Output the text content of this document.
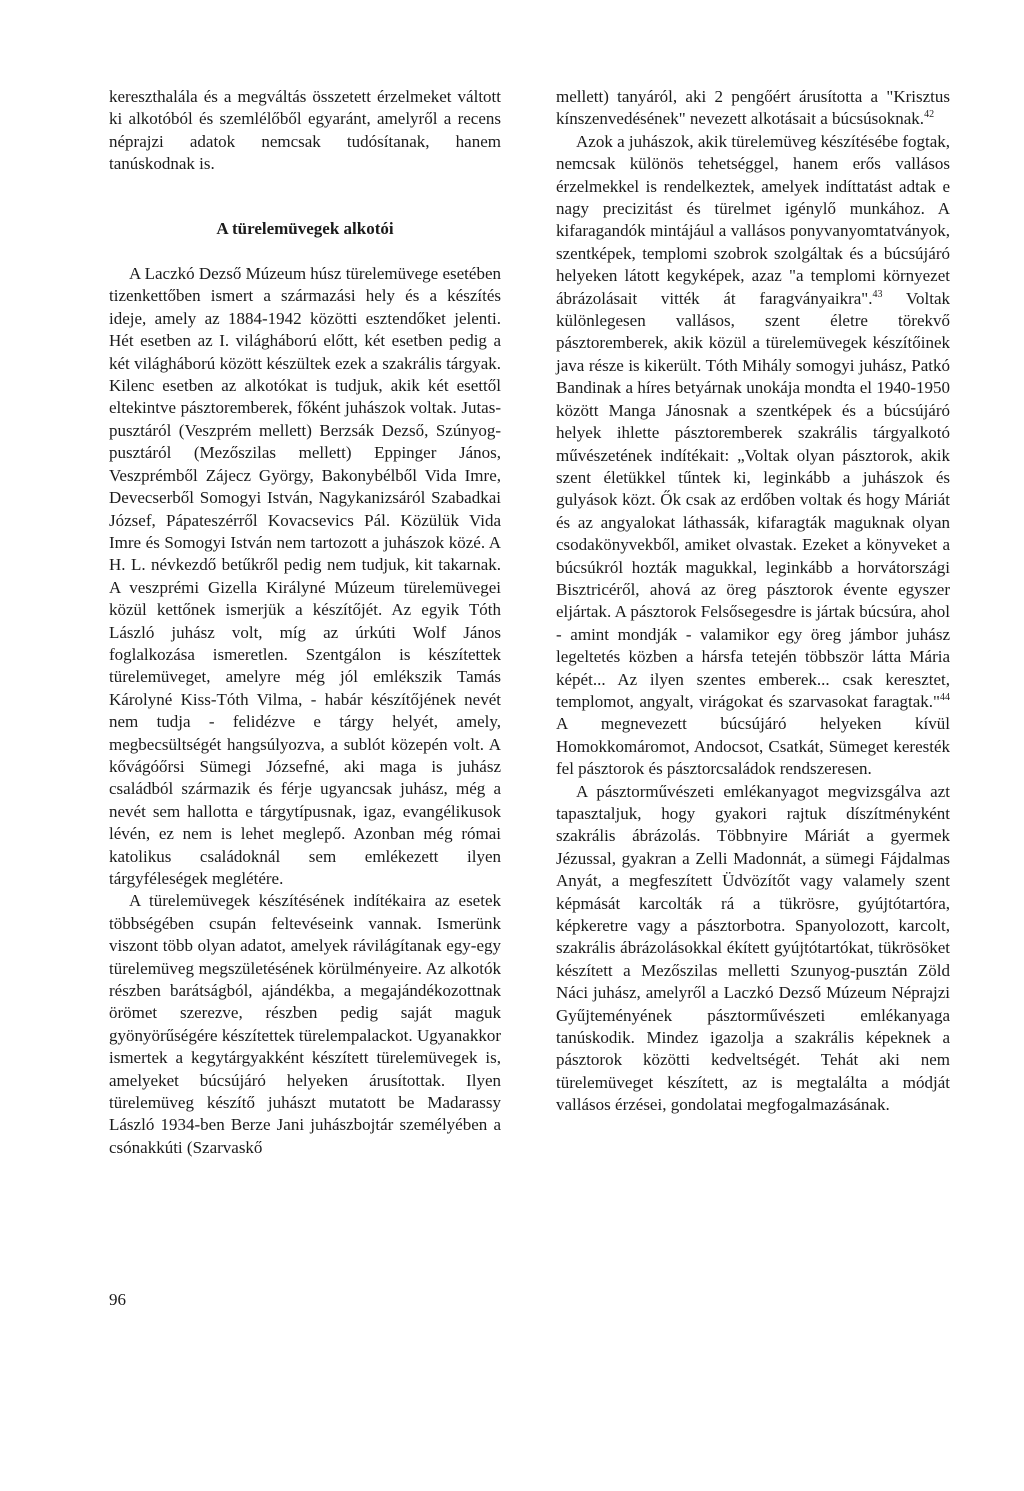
kereszthalála és a megváltás összetett érzelmeket váltott ki alkotóból és szemlélőből egyaránt, amelyről a recens néprajzi adatok nemcsak tudósítanak, hanem tanúskodnak is.

A türelemüvegek alkotói

A Laczkó Dezső Múzeum húsz türelemüvege esetében tizenkettőben ismert a származási hely és a készítés ideje, amely az 1884-1942 közötti esztendőket jelenti. Hét esetben az I. világháború előtt, két esetben pedig a két világháború között készültek ezek a szakrális tárgyak. Kilenc esetben az alkotókat is tudjuk, akik két esettől eltekintve pásztoremberek, főként juhászok voltak. Jutas-pusztáról (Veszprém mellett) Berzsák Dezső, Szúnyog-pusztáról (Mezőszilas mellett) Eppinger János, Veszprémből Zájecz György, Bakonybélből Vida Imre, Devecserből Somogyi István, Nagykanizsáról Szabadkai József, Pápateszérről Kovacsevics Pál. Közülük Vida Imre és Somogyi István nem tartozott a juhászok közé. A H. L. névkezdő betűkről pedig nem tudjuk, kit takarnak. A veszprémi Gizella Királyné Múzeum türelemüvegei közül kettőnek ismerjük a készítőjét. Az egyik Tóth László juhász volt, míg az úrkúti Wolf János foglalkozása ismeretlen. Szentgálon is készítettek türelemüveget, amelyre még jól emlékszik Tamás Károlyné Kiss-Tóth Vilma, - habár készítőjének nevét nem tudja - felidézve e tárgy helyét, amely, megbecsültségét hangsúlyozva, a sublót közepén volt. A kővágóőrsi Sümegi Józsefné, aki maga is juhász családból származik és férje ugyancsak juhász, még a nevét sem hallotta e tárgytípusnak, igaz, evangélikusok lévén, ez nem is lehet meglepő. Azonban még római katolikus családoknál sem emlékezett ilyen tárgyféleségek meglétére.

A türelemüvegek készítésének indítékaira az esetek többségében csupán feltevéseink vannak. Ismerünk viszont több olyan adatot, amelyek rávilágítanak egy-egy türelemüveg megszületésének körülményeire. Az alkotók részben barátságból, ajándékba, a megajándékozottnak örömet szerezve, részben pedig saját maguk gyönyörűségére készítettek türelempalackot. Ugyanakkor ismertek a kegytárgyakként készített türelemüvegek is, amelyeket búcsújáró helyeken árusítottak. Ilyen türelemüveg készítő juhászt mutatott be Madarassy László 1934-ben Berze Jani juhászbojtár személyében a csónakkúti (Szarvaskő

mellett) tanyáról, aki 2 pengőért árusította a "Krisztus kínszenvedésének" nevezett alkotásait a búcsúsoknak.$^{42}$

Azok a juhászok, akik türelemüveg készítésébe fogtak, nemcsak különös tehetséggel, hanem erős vallásos érzelmekkel is rendelkeztek, amelyek indíttatást adtak e nagy precizitást és türelmet igénylő munkához. A kifaragandók mintájául a vallásos ponyvanyomtatványok, szentképek, templomi szobrok szolgáltak és a búcsújáró helyeken látott kegyképek, azaz "a templomi környezet ábrázolásait vitték át faragványaikra".$^{43}$ Voltak különlegesen vallásos, szent életre törekvő pásztoremberek, akik közül a türelemüvegek készítőinek java része is kikerült. Tóth Mihály somogyi juhász, Patkó Bandinak a híres betyárnak unokája mondta el 1940-1950 között Manga Jánosnak a szentképek és a búcsújáró helyek ihlette pásztoremberek szakrális tárgyalkotó művészetének indítékait: „Voltak olyan pásztorok, akik szent életükkel tűntek ki, leginkább a juhászok és gulyások közt. Ők csak az erdőben voltak és hogy Máriát és az angyalokat láthassák, kifaragták maguknak olyan csodakönyvekből, amiket olvastak. Ezeket a könyveket a búcsúkról hozták magukkal, leginkább a horvátországi Bisztricéről, ahová az öreg pásztorok évente egyszer eljártak. A pásztorok Felsősegesdre is jártak búcsúra, ahol - amint mondják - valamikor egy öreg jámbor juhász legeltetés közben a hársfa tetején többször látta Mária képét... Az ilyen szentes emberek... csak keresztet, templomot, angyalt, virágokat és szarvasokat faragtak."$^{44}$ A megnevezett búcsújáró helyeken kívül Homokkomáromot, Andocsot, Csatkát, Sümeget keresték fel pásztorok és pásztorcsaládok rendszeresen.

A pásztorművészeti emlékanyagot megvizsgálva azt tapasztaljuk, hogy gyakori rajtuk díszítményként szakrális ábrázolás. Többnyire Máriát a gyermek Jézussal, gyakran a Zelli Madonnát, a sümegi Fájdalmas Anyát, a megfeszített Üdvözítőt vagy valamely szent képmását karcolták rá a tükrösre, gyújtótartóra, képkeretre vagy a pásztorbotra. Spanyolozott, karcolt, szakrális ábrázolásokkal ékített gyújtótartókat, tükrösöket készített a Mezőszilas melletti Szunyog-pusztán Zöld Náci juhász, amelyről a Laczkó Dezső Múzeum Néprajzi Gyűjteményének pásztorművészeti emlékanyaga tanúskodik. Mindez igazolja a szakrális képeknek a pásztorok közötti kedveltségét. Tehát aki nem türelemüveget készített, az is megtalálta a módját vallásos érzései, gondolatai megfogalmazásának.

96
